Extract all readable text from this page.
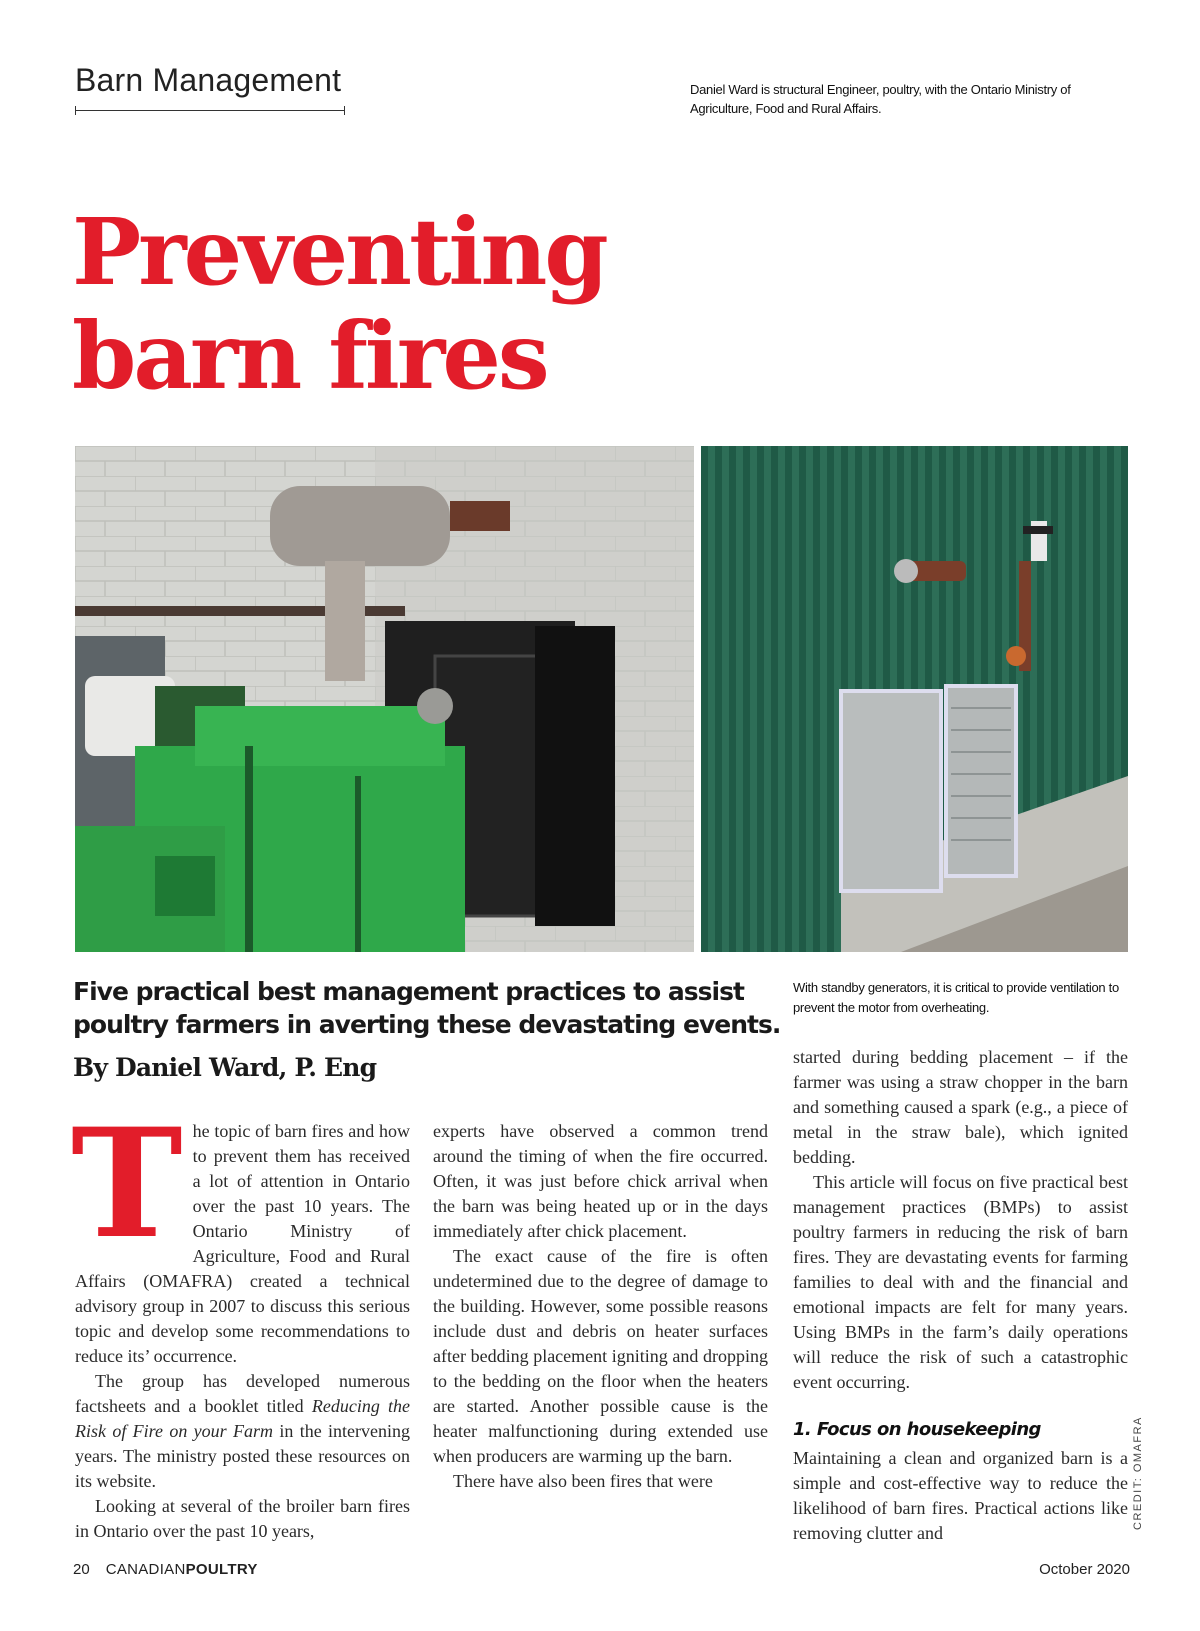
Barn Management	Daniel Ward is structural Engineer, poultry, with the Ontario Ministry of Agriculture, Food and Rural Affairs.
Preventing
barn fires
Five practical best management practices to assist poultry farmers in averting these devastating events.
By Daniel Ward, P. Eng
With standby generators, it is critical to provide ventilation to prevent the motor from overheating.

The topic of barn fires and how to prevent them has received a lot of attention in Ontario over the past 10 years. The Ontario Ministry of Agriculture, Food and Rural Affairs (OMAFRA) created a technical advisory group in 2007 to discuss this serious topic and develop some recommendations to reduce its’ occurrence.

The group has developed numerous factsheets and a booklet titled Reducing the Risk of Fire on your Farm in the intervening years. The ministry posted these resources on its website.

Looking at several of the broiler barn fires in Ontario over the past 10 years,

experts have observed a common trend around the timing of when the fire occurred. Often, it was just before chick arrival when the barn was being heated up or in the days immediately after chick placement.

The exact cause of the fire is often undetermined due to the degree of damage to the building. However, some possible reasons include dust and debris on heater surfaces after bedding placement igniting and dropping to the bedding on the floor when the heaters are started. Another possible cause is the heater malfunctioning during extended use when producers are warming up the barn.

There have also been fires that were

started during bedding placement – if the farmer was using a straw chopper in the barn and something caused a spark (e.g., a piece of metal in the straw bale), which ignited bedding.

This article will focus on five practical best management practices (BMPs) to assist poultry farmers in reducing the risk of barn fires. They are devastating events for farming families to deal with and the financial and emotional impacts are felt for many years. Using BMPs in the farm’s daily operations will reduce the risk of such a catastrophic event occurring.

1. Focus on housekeeping

Maintaining a clean and organized barn is a simple and cost-effective way to reduce the likelihood of barn fires. Practical actions like removing clutter and

CREDIT: OMAFRA
20 CANADIANPOULTRY	October 2020
